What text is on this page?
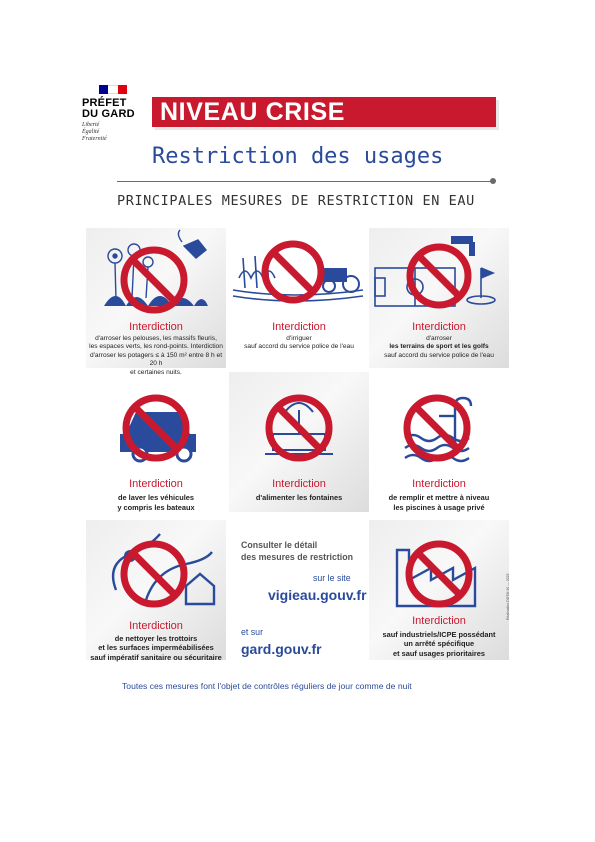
PRÉFET
DU GARD
Liberté
Égalité
Fraternité
NIVEAU CRISE
Restriction des usages
PRINCIPALES MESURES DE RESTRICTION EN EAU
Interdiction
d'arroser les pelouses, les massifs fleuris,
les espaces verts, les rond-points. Interdiction
d'arroser les potagers ≤ à 150 m² entre 8 h et 20 h
et certaines nuits.
Interdiction
d'irriguer
sauf accord du service police de l'eau
Interdiction
d'arroser
les terrains de sport et les golfs
sauf accord du service police de l'eau
Interdiction
de laver les véhicules
y compris les bateaux
Interdiction
d'alimenter les fontaines
Interdiction
de remplir et mettre à niveau
les piscines à usage privé
Interdiction
de nettoyer les trottoirs
et les surfaces imperméabilisées
sauf impératif sanitaire ou sécuritaire
Consulter le détail
des mesures de restriction
sur le site
vigieau.gouv.fr
et sur
gard.gouv.fr
Interdiction
sauf industriels/ICPE possédant
un arrêté spécifique
et sauf usages prioritaires
Réalisation DDTM 30 — 2023
Toutes ces mesures font l'objet de contrôles réguliers de jour comme de nuit
